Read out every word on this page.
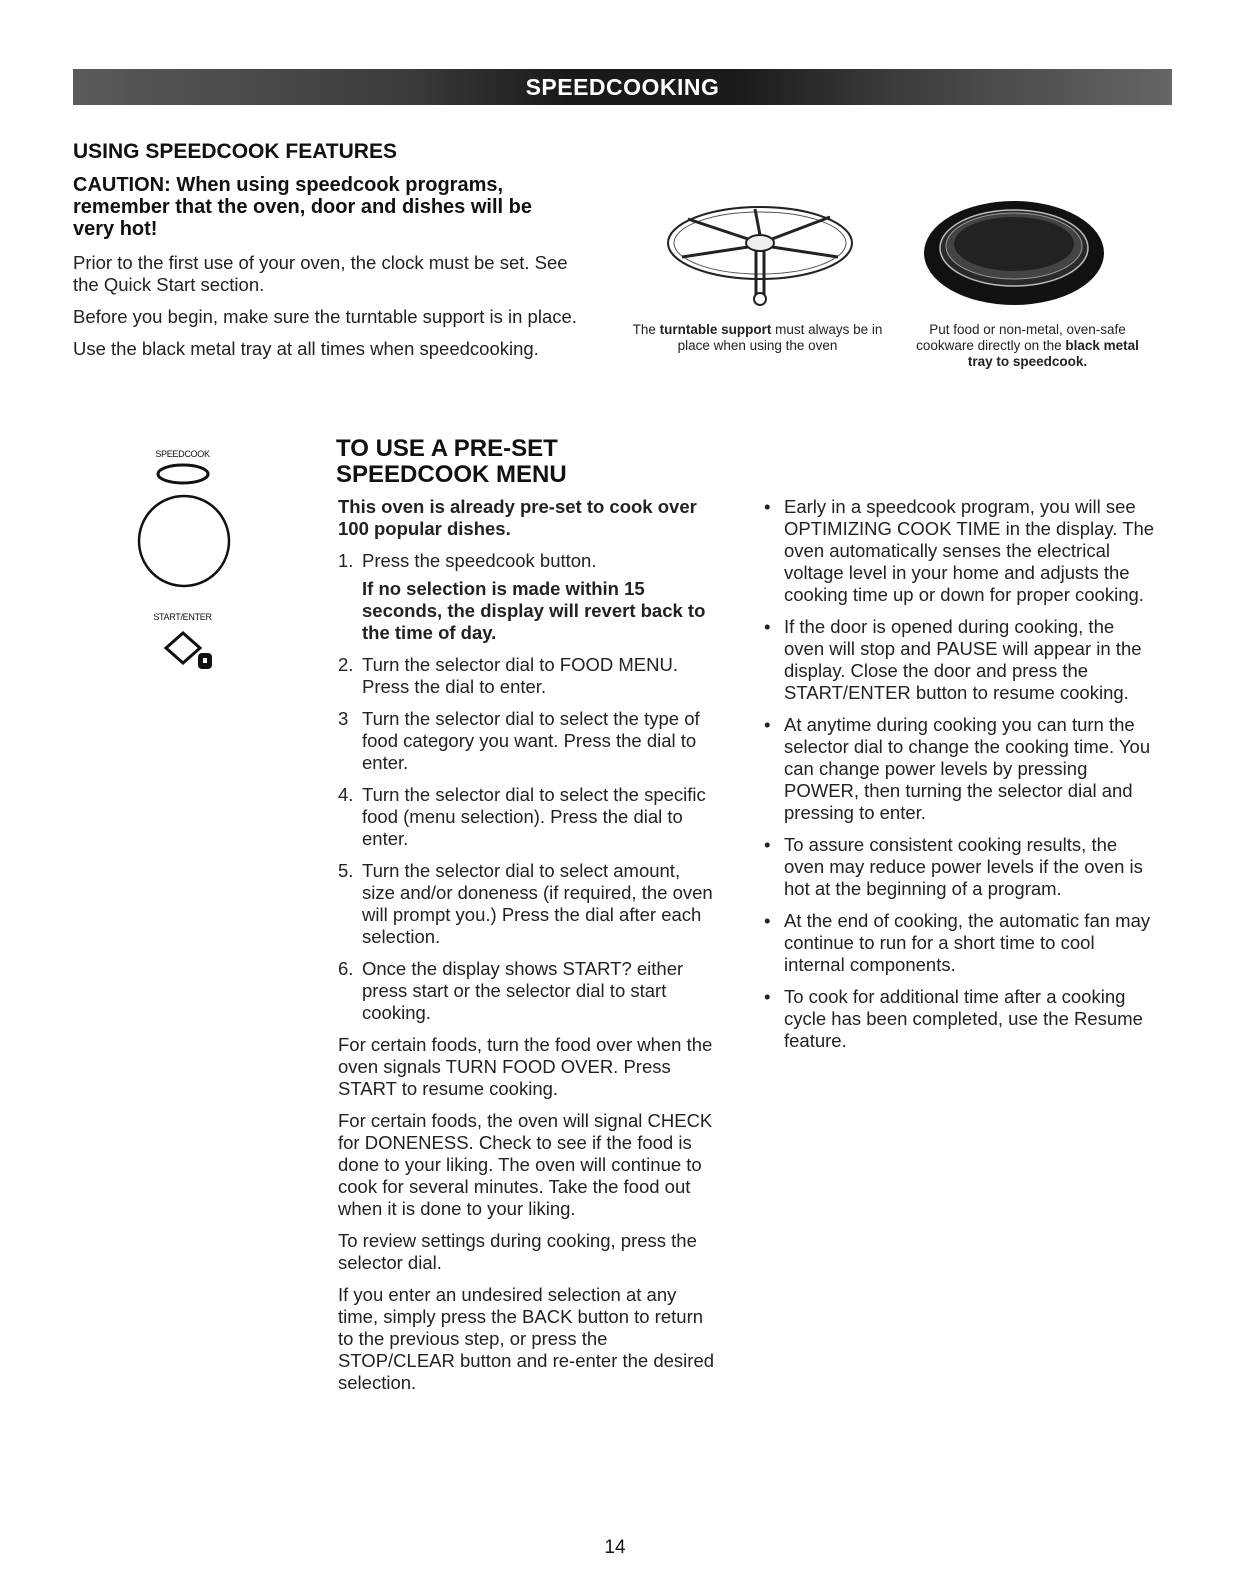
SPEEDCOOKING
USING SPEEDCOOK FEATURES
CAUTION: When using speedcook programs, remember that the oven, door and dishes will be very hot!

Prior to the first use of your oven, the clock must be set. See the Quick Start section.

Before you begin, make sure the turntable support is in place.

Use the black metal tray at all times when speedcooking.

The turntable support must always be in place when using the oven
Put food or non-metal, oven-safe cookware directly on the black metal tray to speedcook.
SPEEDCOOK
START/ENTER
TO USE A PRE-SET
SPEEDCOOK MENU

This oven is already pre-set to cook over 100 popular dishes.

1. Press the speedcook button.
If no selection is made within 15 seconds, the display will revert back to the time of day.
2. Turn the selector dial to FOOD MENU. Press the dial to enter.
3 Turn the selector dial to select the type of food category you want. Press the dial to enter.
4. Turn the selector dial to select the specific food (menu selection). Press the dial to enter.
5. Turn the selector dial to select amount, size and/or doneness (if required, the oven will prompt you.) Press the dial after each selection.
6. Once the display shows START? either press start or the selector dial to start cooking.

For certain foods, turn the food over when the oven signals TURN FOOD OVER. Press START to resume cooking.

For certain foods, the oven will signal CHECK for DONENESS. Check to see if the food is done to your liking. The oven will continue to cook for several minutes. Take the food out when it is done to your liking.

To review settings during cooking, press the selector dial.

If you enter an undesired selection at any time, simply press the BACK button to return to the previous step, or press the STOP/CLEAR button and re-enter the desired selection.

• Early in a speedcook program, you will see OPTIMIZING COOK TIME in the display. The oven automatically senses the electrical voltage level in your home and adjusts the cooking time up or down for proper cooking.
• If the door is opened during cooking, the oven will stop and PAUSE will appear in the display. Close the door and press the START/ENTER button to resume cooking.
• At anytime during cooking you can turn the selector dial to change the cooking time. You can change power levels by pressing POWER, then turning the selector dial and pressing to enter.
• To assure consistent cooking results, the oven may reduce power levels if the oven is hot at the beginning of a program.
• At the end of cooking, the automatic fan may continue to run for a short time to cool internal components.
• To cook for additional time after a cooking cycle has been completed, use the Resume feature.
14
